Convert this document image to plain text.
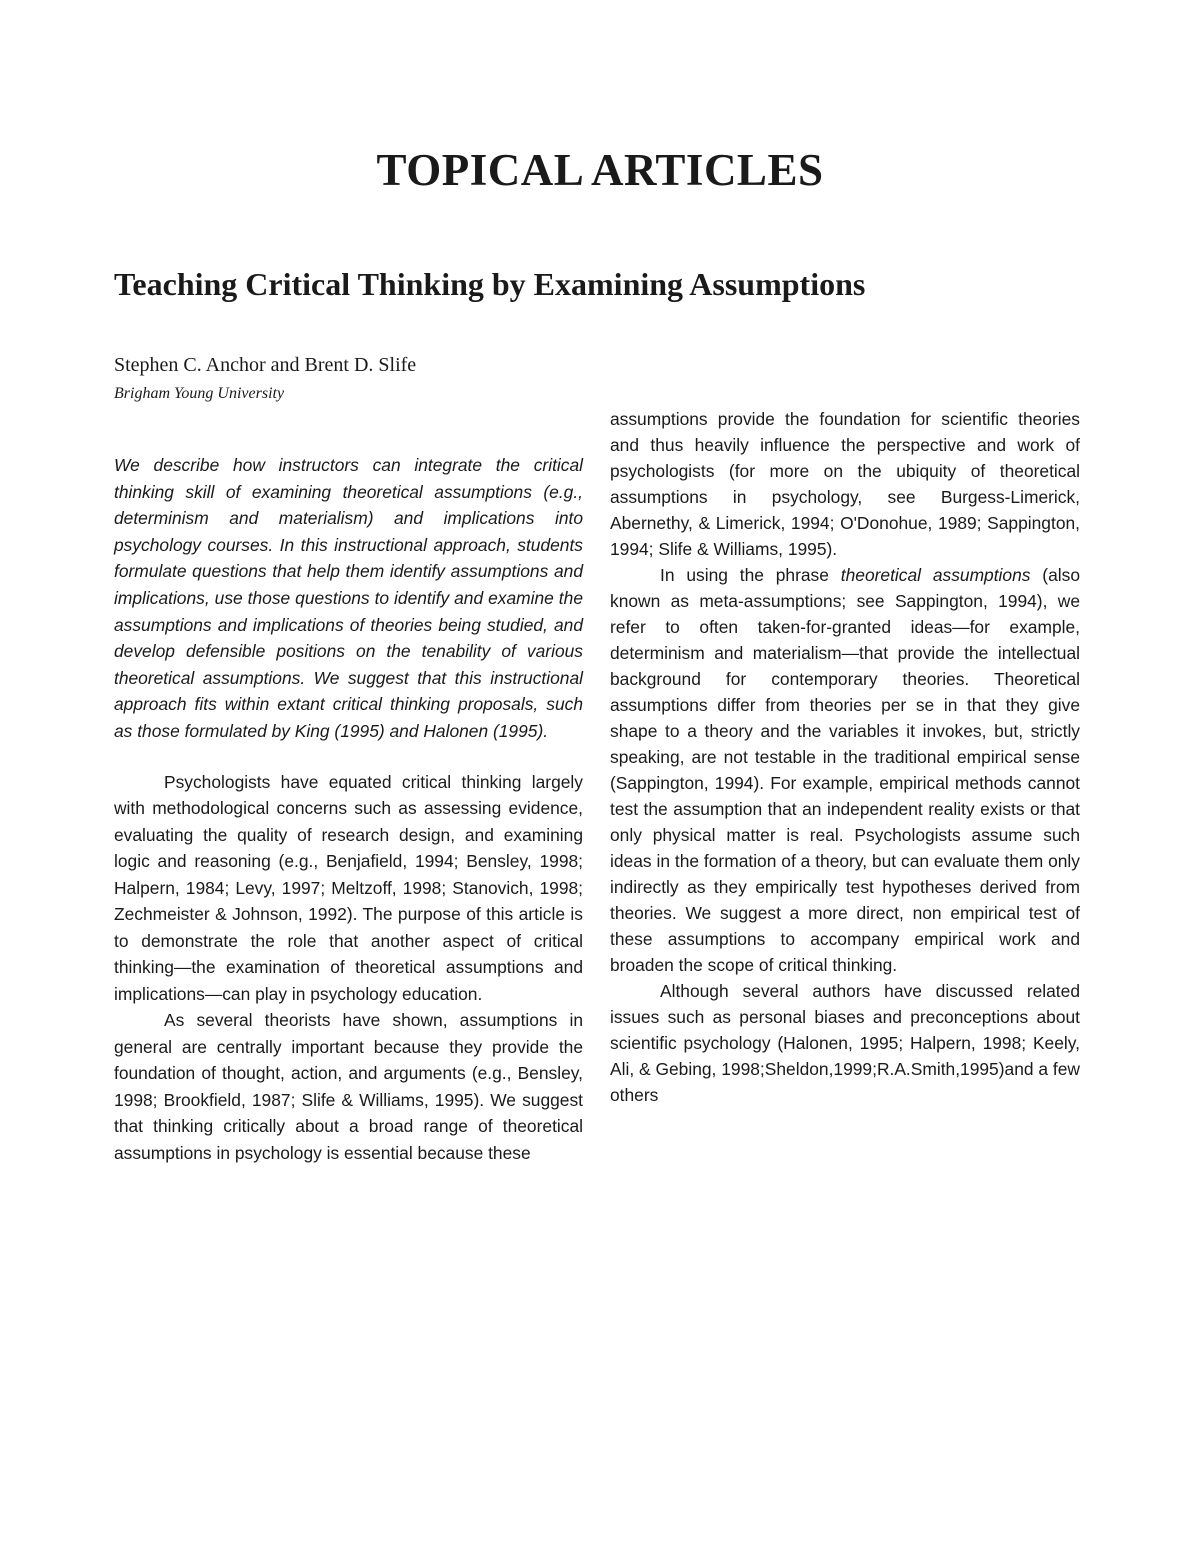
TOPICAL ARTICLES
Teaching Critical Thinking by Examining Assumptions

Stephen C. Anchor and Brent D. Slife

Brigham Young University

We describe how instructors can integrate the critical thinking skill of examining theoretical assumptions (e.g., determinism and materialism) and implications into psychology courses. In this instructional approach, students formulate questions that help them identify assumptions and implications, use those questions to identify and examine the assumptions and implications of theories being studied, and develop defensible positions on the tenability of various theoretical assumptions. We suggest that this instructional approach fits within extant critical thinking proposals, such as those formulated by King (1995) and Halonen (1995).

Psychologists have equated critical thinking largely with methodological concerns such as assessing evidence, evaluating the quality of research design, and examining logic and reasoning (e.g., Benjafield, 1994; Bensley, 1998; Halpern, 1984; Levy, 1997; Meltzoff, 1998; Stanovich, 1998; Zechmeister & Johnson, 1992). The purpose of this article is to demonstrate the role that another aspect of critical thinking—the examination of theoretical assumptions and implications—can play in psychology education.

As several theorists have shown, assumptions in general are centrally important because they provide the foundation of thought, action, and arguments (e.g., Bensley, 1998; Brookfield, 1987; Slife & Williams, 1995). We suggest that thinking critically about a broad range of theoretical assumptions in psychology is essential because these

assumptions provide the foundation for scientific theories and thus heavily influence the perspective and work of psychologists (for more on the ubiquity of theoretical assumptions in psychology, see Burgess-Limerick, Abernethy, & Limerick, 1994; O'Donohue, 1989; Sappington, 1994; Slife & Williams, 1995).

In using the phrase theoretical assumptions (also known as meta-assumptions; see Sappington, 1994), we refer to often taken-for-granted ideas—for example, determinism and materialism—that provide the intellectual background for contemporary theories. Theoretical assumptions differ from theories per se in that they give shape to a theory and the variables it invokes, but, strictly speaking, are not testable in the traditional empirical sense (Sappington, 1994). For example, empirical methods cannot test the assumption that an independent reality exists or that only physical matter is real. Psychologists assume such ideas in the formation of a theory, but can evaluate them only indirectly as they empirically test hypotheses derived from theories. We suggest a more direct, non empirical test of these assumptions to accompany empirical work and broaden the scope of critical thinking.

Although several authors have discussed related issues such as personal biases and preconceptions about scientific psychology (Halonen, 1995; Halpern, 1998; Keely, Ali, & Gebing, 1998;Sheldon,1999;R.A.Smith,1995)and a few others
